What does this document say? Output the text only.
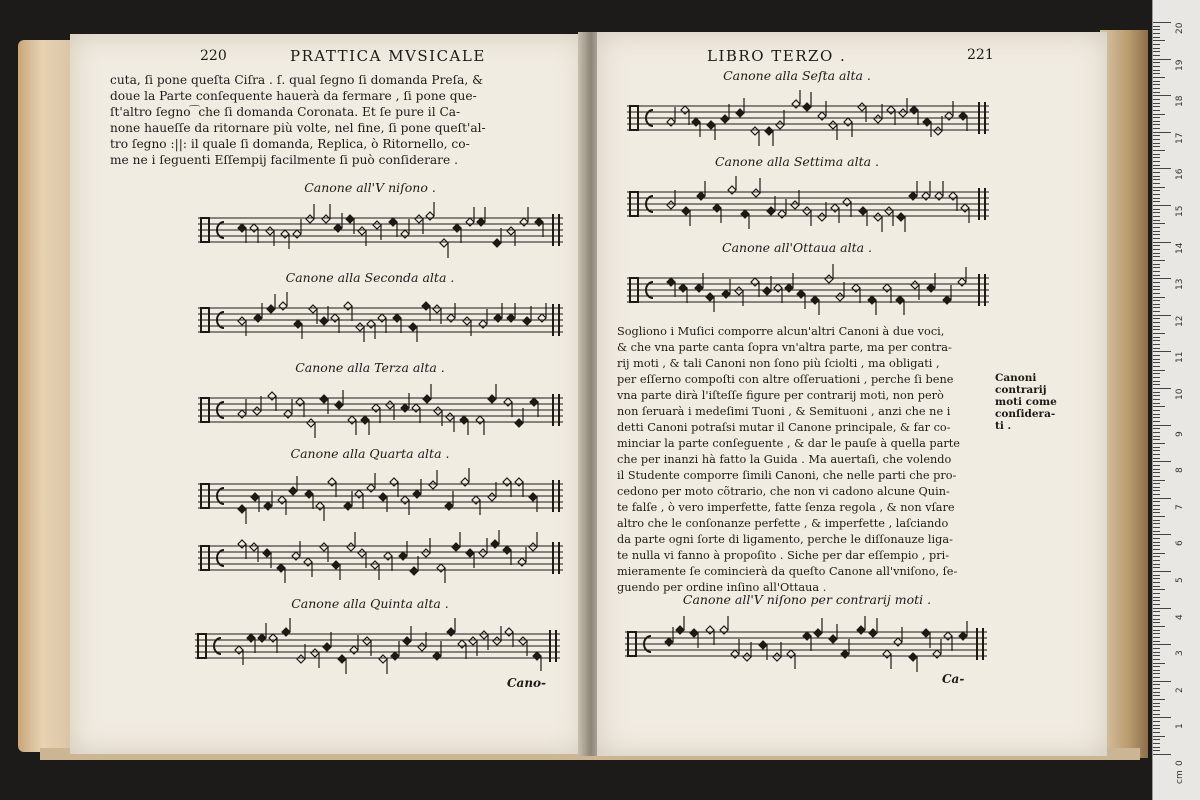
220	PRATTICA MVSICALE
cuta, ſi pone queſta Ciſra . ſ. qual ſegno ſi domanda Preſa, &
doue la Parte conſequente hauerà da fermare , ſi pone que-
ſt'altro ſegno ͡ che ſi domanda Coronata. Et ſe pure il Ca-
none haueſſe da ritornare più volte, nel fine, ſi pone queſt'al-
tro ſegno :||: il quale ſi domanda, Replica, ò Ritornello, co-
me ne i ſeguenti Eſſempij facilmente ſi può conſiderare .
Canone all'V niſono .
Canone alla Seconda alta .
Canone alla Terza alta .
Canone alla Quarta alta .
Canone alla Quinta alta .
Cano-
LIBRO TERZO .	221
Canone alla Seſta alta .
Canone alla Settima alta .
Canone all'Ottaua alta .
Sogliono i Muſici comporre alcun'altri Canoni à due voci,
& che vna parte canta ſopra vn'altra parte, ma per contra-
rij moti , & tali Canoni non ſono più ſciolti , ma obligati ,
per eſſerno compoſti con altre oſſeruationi , perche ſi bene
vna parte dirà l'iſteſſe figure per contrarij moti, non però
non ſeruarà i medeſimi Tuoni , & Semituoni , anzi che ne i
detti Canoni potraſsi mutar il Canone principale, & far co-
minciar la parte conſeguente , & dar le pauſe à quella parte
che per inanzi hà fatto la Guida . Ma auertaſi, che volendo
il Studente comporre ſimili Canoni, che nelle parti che pro-
cedono per moto cõtrario, che non vi cadono alcune Quin-
te falſe , ò vero imperfette, fatte ſenza regola , & non vſare
altro che le conſonanze perfette , & imperfette , laſciando
da parte ogni ſorte di ligamento, perche le diſſonauze liga-
te nulla vi fanno à propoſito . Siche per dar eſſempio , pri-
mieramente ſe comincierà da queſto Canone all'vniſono, ſe-
guendo per ordine inſino all'Ottaua .
Canoni
contrarij
moti come
conſidera-
ti .
Canone all'V niſono per contrarij moti .
Ca-
cm
20
19
18
17
16
15
14
13
12
11
10
9
8
7
6
5
4
3
2
1
0
